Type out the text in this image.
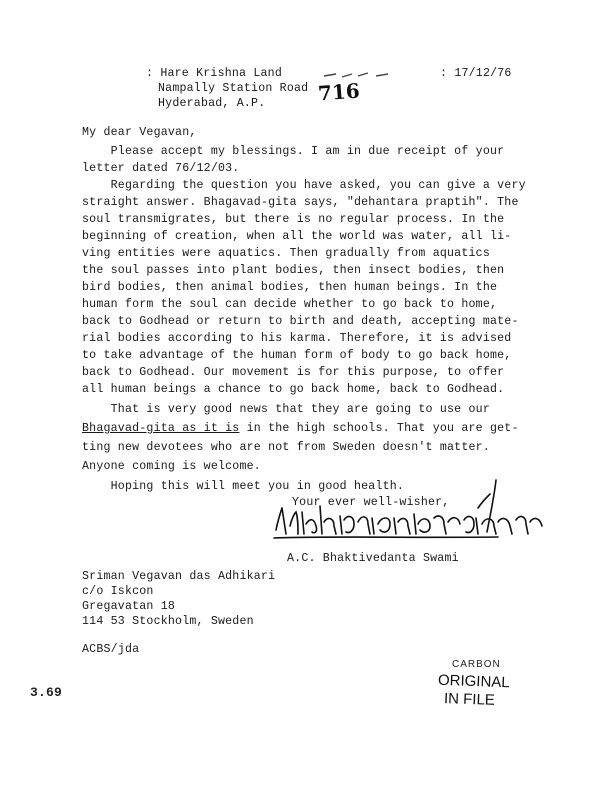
: Hare Krishna Land
Nampally Station Road
Hyderabad, A.P.	716
: 17/12/76
My dear Vegavan,
Please accept my blessings. I am in due receipt of your
letter dated 76/12/03.
Regarding the question you have asked, you can give a very
straight answer. Bhagavad-gita says, "dehantara praptih". The
soul transmigrates, but there is no regular process. In the
beginning of creation, when all the world was water, all li-
ving entities were aquatics. Then gradually from aquatics
the soul passes into plant bodies, then insect bodies, then
bird bodies, then animal bodies, then human beings. In the
human form the soul can decide whether to go back to home,
back to Godhead or return to birth and death, accepting mate-
rial bodies according to his karma. Therefore, it is advised
to take advantage of the human form of body to go back home,
back to Godhead. Our movement is for this purpose, to offer
all human beings a chance to go back home, back to Godhead.
That is very good news that they are going to use our
Bhagavad-gita as it is in the high schools. That you are get-
ting new devotees who are not from Sweden doesn't matter.
Anyone coming is welcome.
Hoping this will meet you in good health.
Your ever well-wisher,
A.C. Bhaktivedanta Swami
Sriman Vegavan das Adhikari
c/o Iskcon
Gregavatan 18
114 53 Stockholm, Sweden
ACBS/jda
3.69
CARBON
ORIGINAL
IN FILE
